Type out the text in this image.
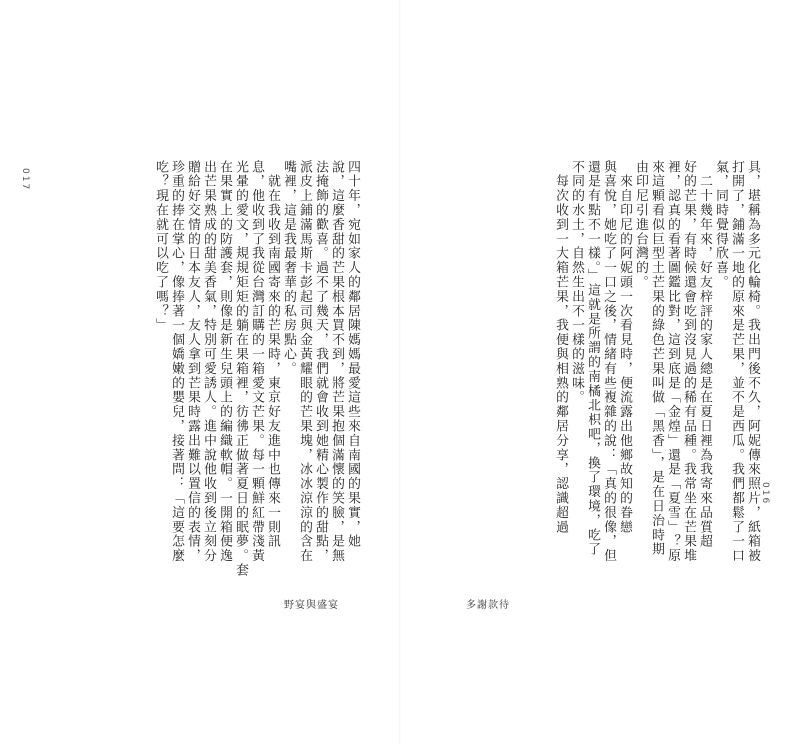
017	四十年，宛如家人的鄰居陳媽媽最愛這些來自南國的果實，她
說，這麼香甜的芒果根本買不到，將芒果抱個滿懷的笑臉，是無
法掩飾的歡喜。過不了幾天，我們就會收到她精心製作的甜點，
派皮上鋪滿馬斯卡彭起司與金黃耀眼的芒果塊，冰冰涼涼的含在
嘴裡，這是我最奢華的私房點心。
　就在我收到南國寄來的芒果時，東京好友進中也傳來一則訊
息，他收到了我從台灣訂購的一箱愛文芒果。每一顆鮮紅帶淺黃
光暈的愛文，規規矩矩的躺在果箱裡，彷彿正做著夏日的眠夢。套
在果實上的防護套，則像是新生兒頭上的編織軟帽。一開箱便逸
出芒果熟成的甜美香氣，特別可愛誘人。進中說他收到後立刻分
贈給好交情的日本友人，友人拿到芒果時露出難以置信的表情，
珍重的捧在掌心，像捧著一個嬌嫩的嬰兒，接著問：「這要怎麼
吃？現在就可以吃了嗎？」
野宴與盛宴
具，堪稱為多元化輪椅。我出門後不久，阿妮傳來照片，紙箱被
打開了，鋪滿一地的原來是芒果，並不是西瓜。我們都鬆了一口
氣，同時覺得欣喜。
　二十幾年來，好友梓評的家人總是在夏日裡為我寄來品質超
好的芒果，有時候還會吃到沒見過的稀有品種。我常坐在芒果堆
裡，認真的看著圖鑑比對，這到底是「金煌」還是「夏雪」？原
來這顆看似巨型土芒果的綠色芒果叫做「黑香」，是在日治時期
由印尼引進台灣的。
　來自印尼的阿妮頭一次看見時，便流露出他鄉故知的眷戀
與喜悅，她吃了一口之後，情緒有些複雜的說：「真的很像，但
還是有點不一樣。」這就是所謂的南橘北枳吧，換了環境，吃了
不同的水土，自然生出不一樣的滋味。
　每次收到一大箱芒果，我便與相熟的鄰居分享，認識超過	016
多謝款待
